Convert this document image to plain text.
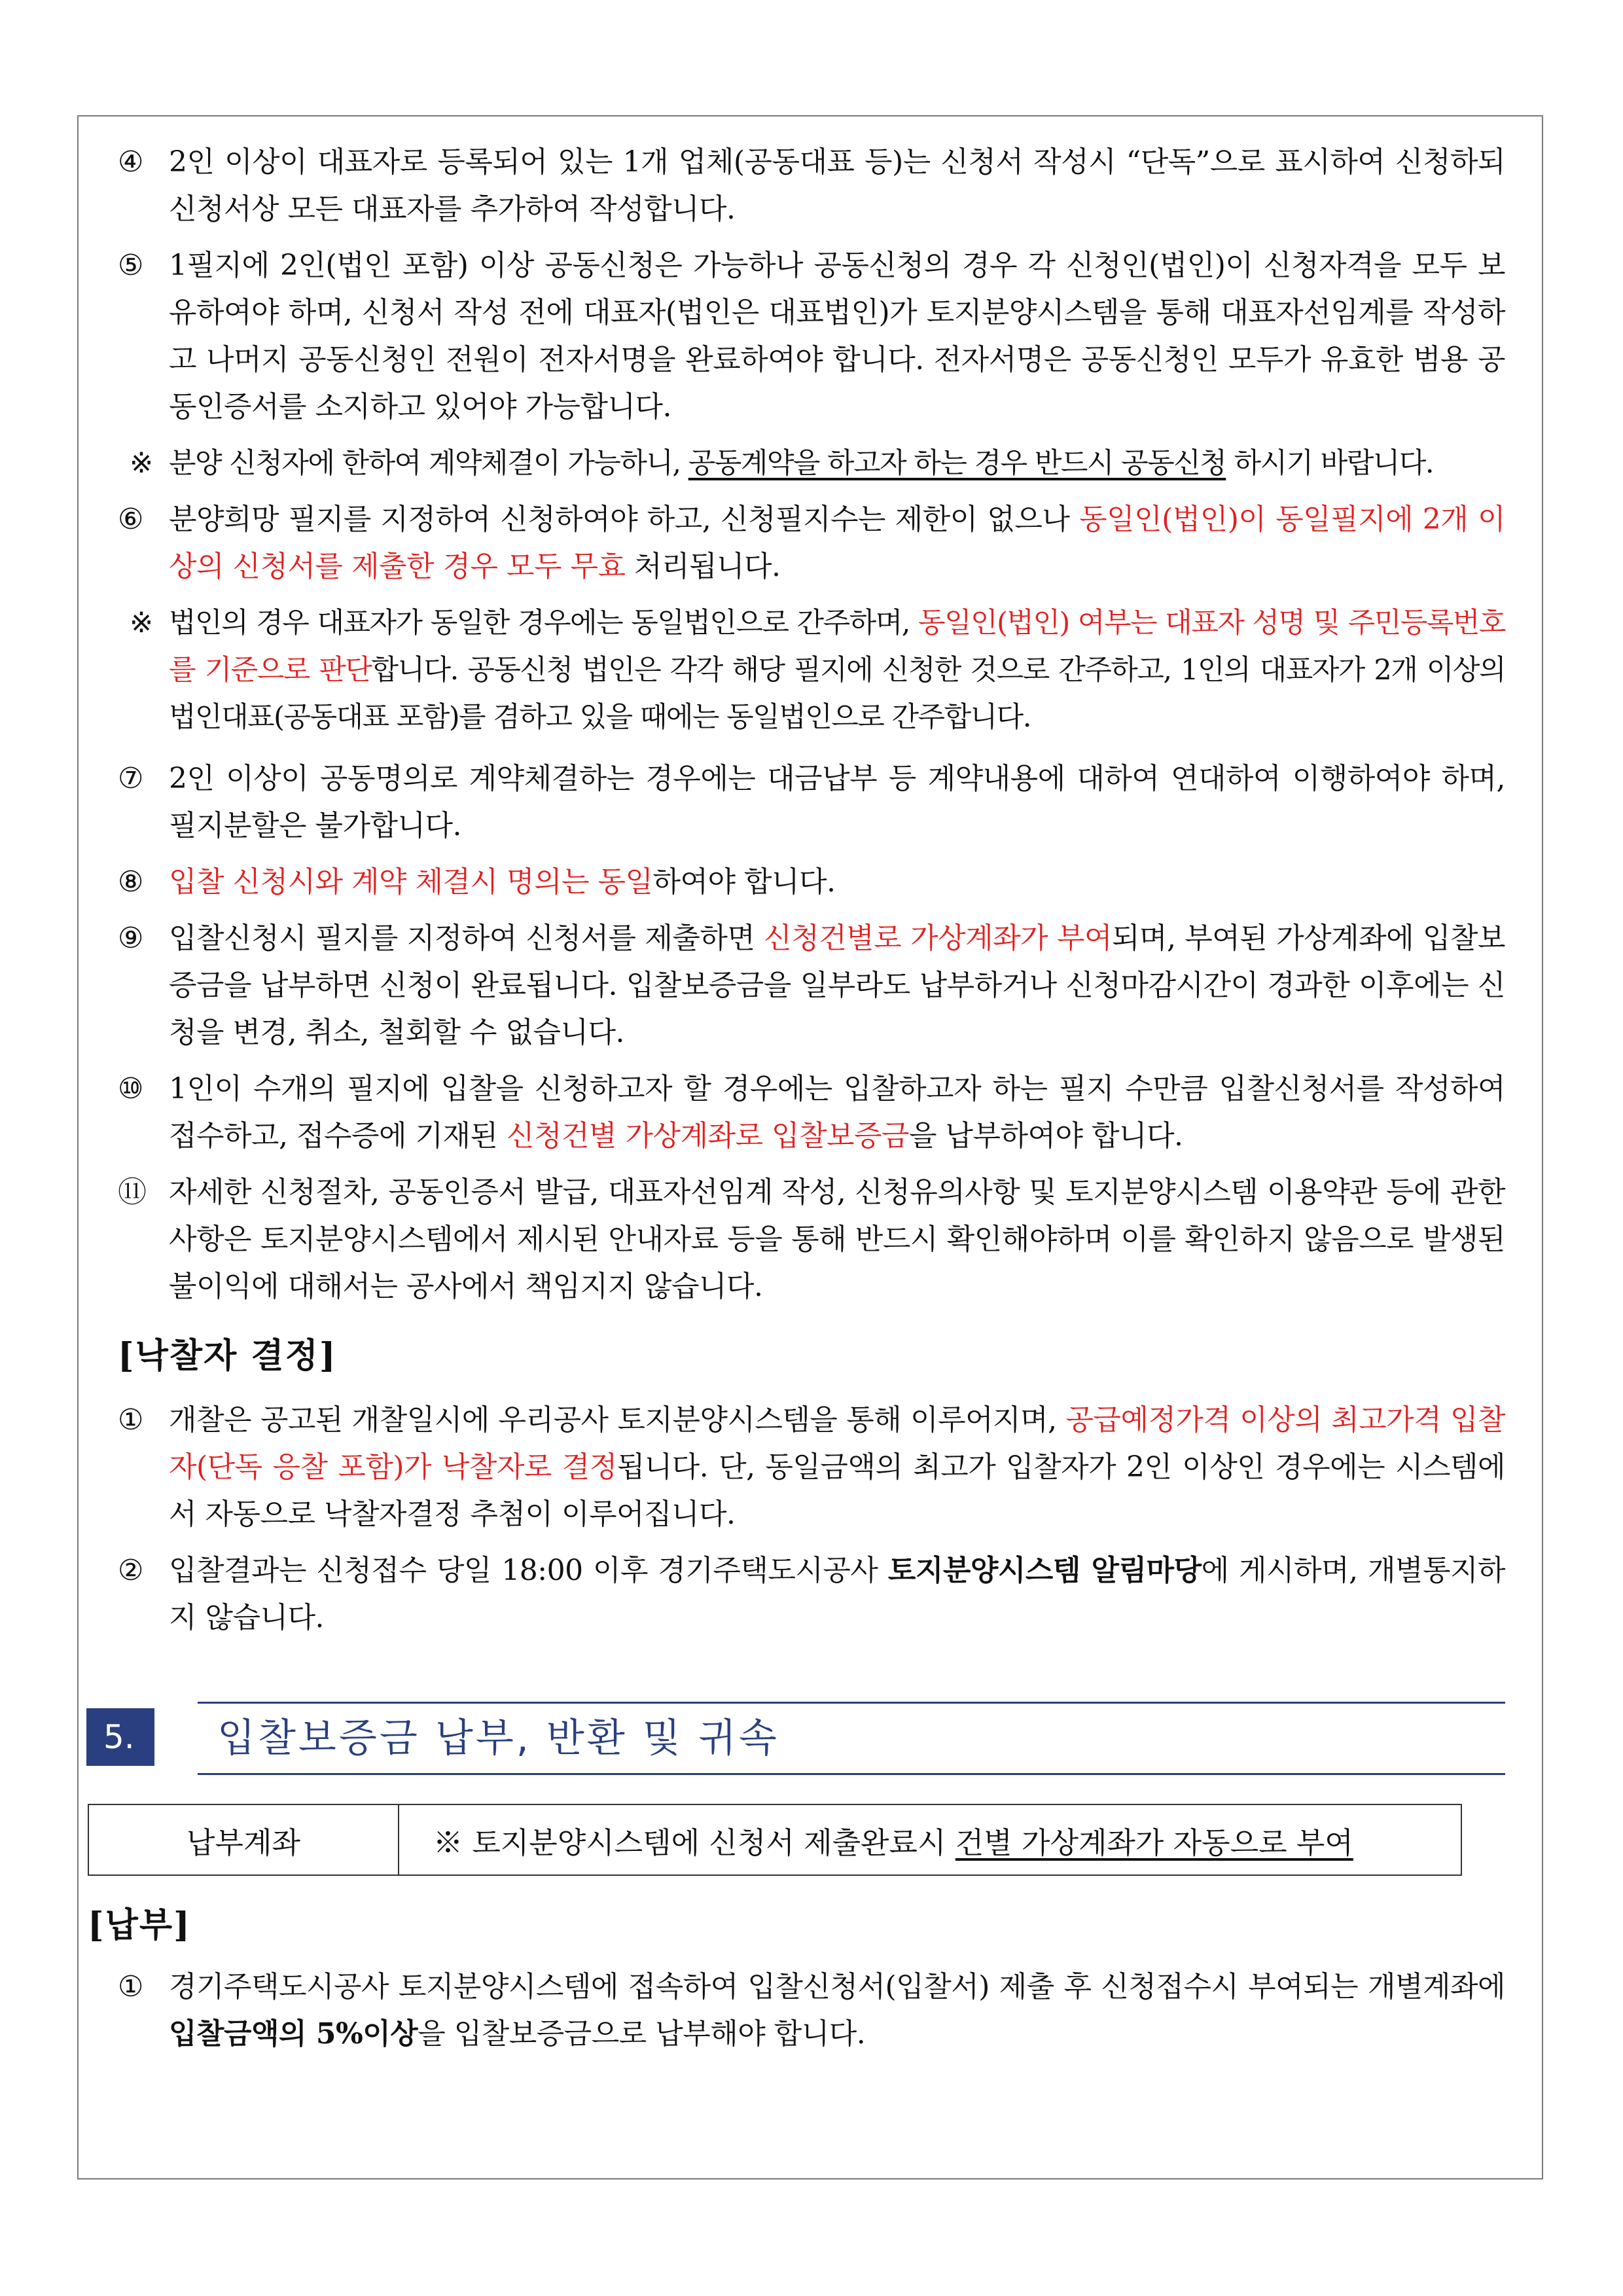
④ 2인 이상이 대표자로 등록되어 있는 1개 업체(공동대표 등)는 신청서 작성시 “단독”으로 표시하여 신청하되 신청서상 모든 대표자를 추가하여 작성합니다.
⑤ 1필지에 2인(법인 포함) 이상 공동신청은 가능하나 공동신청의 경우 각 신청인(법인)이 신청자격을 모두 보유하여야 하며, 신청서 작성 전에 대표자(법인은 대표법인)가 토지분양시스템을 통해 대표자선임계를 작성하고 나머지 공동신청인 전원이 전자서명을 완료하여야 합니다. 전자서명은 공동신청인 모두가 유효한 범용 공동인증서를 소지하고 있어야 가능합니다.
※ 분양 신청자에 한하여 계약체결이 가능하니, 공동계약을 하고자 하는 경우 반드시 공동신청 하시기 바랍니다.
⑥ 분양희망 필지를 지정하여 신청하여야 하고, 신청필지수는 제한이 없으나 동일인(법인)이 동일필지에 2개 이상의 신청서를 제출한 경우 모두 무효 처리됩니다.
※ 법인의 경우 대표자가 동일한 경우에는 동일법인으로 간주하며, 동일인(법인) 여부는 대표자 성명 및 주민등록번호를 기준으로 판단합니다. 공동신청 법인은 각각 해당 필지에 신청한 것으로 간주하고, 1인의 대표자가 2개 이상의 법인대표(공동대표 포함)를 겸하고 있을 때에는 동일법인으로 간주합니다.
⑦ 2인 이상이 공동명의로 계약체결하는 경우에는 대금납부 등 계약내용에 대하여 연대하여 이행하여야 하며, 필지분할은 불가합니다.
⑧ 입찰 신청시와 계약 체결시 명의는 동일하여야 합니다.
⑨ 입찰신청시 필지를 지정하여 신청서를 제출하면 신청건별로 가상계좌가 부여되며, 부여된 가상계좌에 입찰보증금을 납부하면 신청이 완료됩니다. 입찰보증금을 일부라도 납부하거나 신청마감시간이 경과한 이후에는 신청을 변경, 취소, 철회할 수 없습니다.
⑩ 1인이 수개의 필지에 입찰을 신청하고자 할 경우에는 입찰하고자 하는 필지 수만큼 입찰신청서를 작성하여 접수하고, 접수증에 기재된 신청건별 가상계좌로 입찰보증금을 납부하여야 합니다.
⑪ 자세한 신청절차, 공동인증서 발급, 대표자선임계 작성, 신청유의사항 및 토지분양시스템 이용약관 등에 관한 사항은 토지분양시스템에서 제시된 안내자료 등을 통해 반드시 확인해야하며 이를 확인하지 않음으로 발생된 불이익에 대해서는 공사에서 책임지지 않습니다.
[낙찰자 결정]
① 개찰은 공고된 개찰일시에 우리공사 토지분양시스템을 통해 이루어지며, 공급예정가격 이상의 최고가격 입찰자(단독 응찰 포함)가 낙찰자로 결정됩니다. 단, 동일금액의 최고가 입찰자가 2인 이상인 경우에는 시스템에서 자동으로 낙찰자결정 추첨이 이루어집니다.
② 입찰결과는 신청접수 당일 18:00 이후 경기주택도시공사 토지분양시스템 알림마당에 게시하며, 개별통지하지 않습니다.
5.	입찰보증금 납부, 반환 및 귀속
납부계좌	※ 토지분양시스템에 신청서 제출완료시 건별 가상계좌가 자동으로 부여
[납부]
① 경기주택도시공사 토지분양시스템에 접속하여 입찰신청서(입찰서) 제출 후 신청접수시 부여되는 개별계좌에 입찰금액의 5%이상을 입찰보증금으로 납부해야 합니다.
